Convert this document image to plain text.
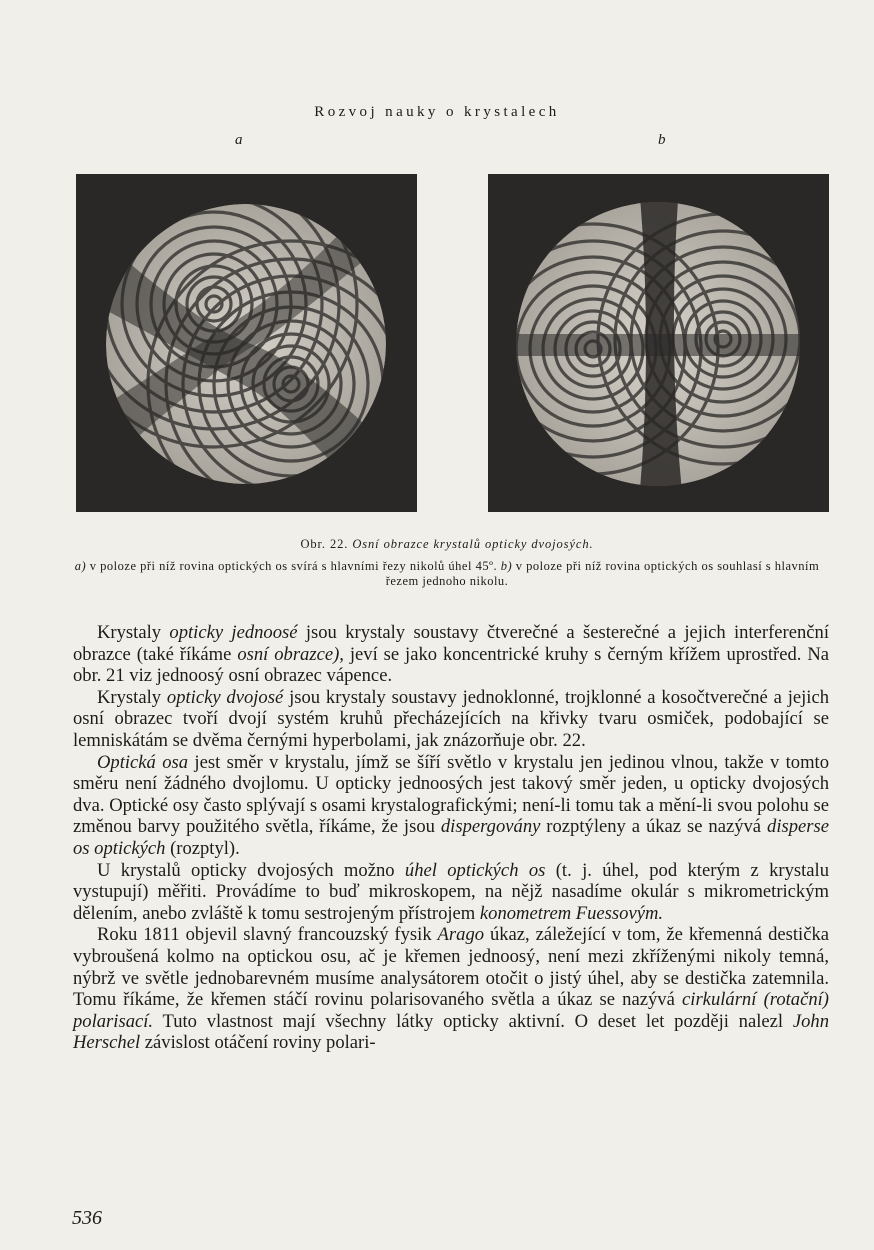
Rozvoj nauky o krystalech
a	b
Obr. 22. Osní obrazce krystalů opticky dvojosých.
a) v poloze při níž rovina optických os svírá s hlavními řezy nikolů úhel 45º. b) v poloze při níž rovina optických os souhlasí s hlavním řezem jednoho nikolu.

Krystaly opticky jednoosé jsou krystaly soustavy čtverečné a šesterečné a jejich interferenční obrazce (také říkáme osní obrazce), jeví se jako koncentrické kruhy s černým křížem uprostřed. Na obr. 21 viz jednoosý osní obrazec vápence.

Krystaly opticky dvojosé jsou krystaly soustavy jednoklonné, trojklonné a kosočtverečné a jejich osní obrazec tvoří dvojí systém kruhů přecházejících na křivky tvaru osmiček, podobající se lemniskátám se dvěma černými hyperbolami, jak znázorňuje obr. 22.

Optická osa jest směr v krystalu, jímž se šíří světlo v krystalu jen jedinou vlnou, takže v tomto směru není žádného dvojlomu. U opticky jednoosých jest takový směr jeden, u opticky dvojosých dva. Optické osy často splývají s osami krystalografickými; není-li tomu tak a mění-li svou polohu se změnou barvy použitého světla, říkáme, že jsou dispergovány rozptýleny a úkaz se nazývá disperse os optických (rozptyl).

U krystalů opticky dvojosých možno úhel optických os (t. j. úhel, pod kterým z krystalu vystupují) měřiti. Provádíme to buď mikroskopem, na nějž nasadíme okulár s mikrometrickým dělením, anebo zvláště k tomu sestrojeným přístrojem konometrem Fuessovým.

Roku 1811 objevil slavný francouzský fysik Arago úkaz, záležející v tom, že křemenná destička vybroušená kolmo na optickou osu, ač je křemen jednoosý, není mezi zkříženými nikoly temná, nýbrž ve světle jednobarevném musíme analysátorem otočit o jistý úhel, aby se destička zatemnila. Tomu říkáme, že křemen stáčí rovinu polarisovaného světla a úkaz se nazývá cirkulární (rotační) polarisací. Tuto vlastnost mají všechny látky opticky aktivní. O deset let později nalezl John Herschel závislost otáčení roviny polari-

536
